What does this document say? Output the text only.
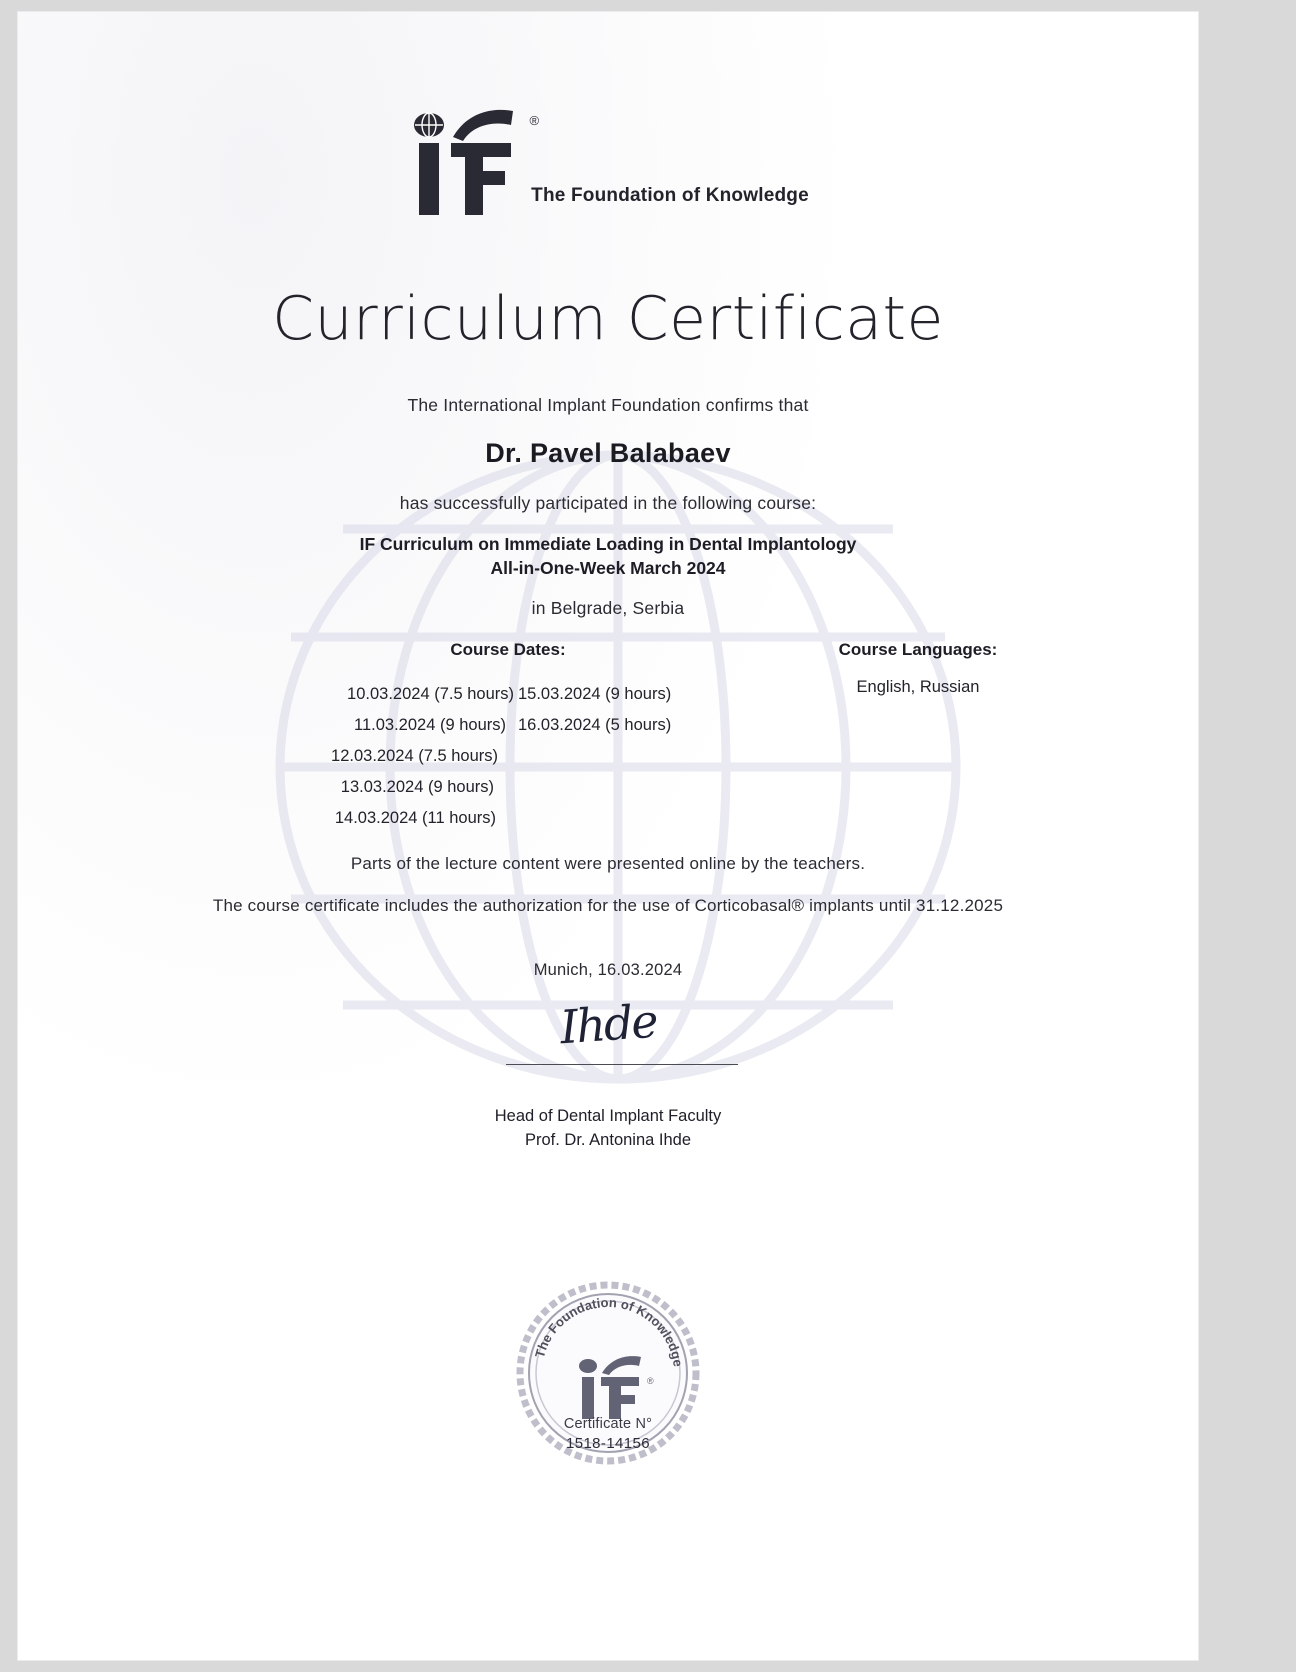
®
The Foundation of Knowledge
Curriculum Certificate
The International Implant Foundation confirms that
Dr. Pavel Balabaev
has successfully participated in the following course:
IF Curriculum on Immediate Loading in Dental Implantology
All-in-One-Week March 2024
in Belgrade, Serbia
Course Dates:	Course Languages:
English, Russian
10.03.2024 (7.5 hours)
11.03.2024 (9 hours)
12.03.2024 (7.5 hours)
13.03.2024 (9 hours)
14.03.2024 (11 hours)
15.03.2024 (9 hours)
16.03.2024 (5 hours)
Parts of the lecture content were presented online by the teachers.
The course certificate includes the authorization for the use of Corticobasal® implants until 31.12.2025
Munich, 16.03.2024
Ihde
Head of Dental Implant Faculty
Prof. Dr. Antonina Ihde
The Foundation of Knowledge
®
Certificate N°
1518-14156
